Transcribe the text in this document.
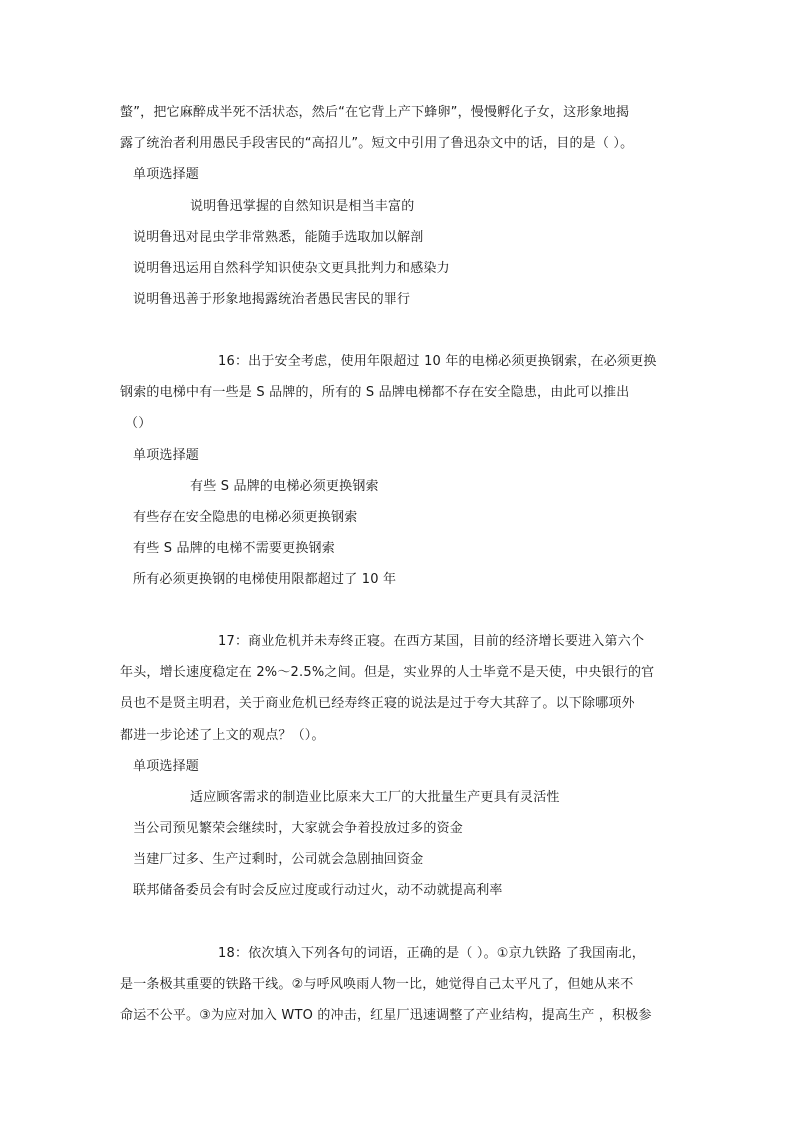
螫”，把它麻醉成半死不活状态，然后“在它背上产下蜂卵”，慢慢孵化子女，这形象地揭
露了统治者利用愚民手段害民的“高招儿”。短文中引用了鲁迅杂文中的话，目的是（ ）。
单项选择题
说明鲁迅掌握的自然知识是相当丰富的
说明鲁迅对昆虫学非常熟悉，能随手选取加以解剖
说明鲁迅运用自然科学知识使杂文更具批判力和感染力
说明鲁迅善于形象地揭露统治者愚民害民的罪行
16：出于安全考虑，使用年限超过 10 年的电梯必须更换钢索，在必须更换
钢索的电梯中有一些是 S 品牌的，所有的 S 品牌电梯都不存在安全隐患，由此可以推出
（）
单项选择题
有些 S 品牌的电梯必须更换钢索
有些存在安全隐患的电梯必须更换钢索
有些 S 品牌的电梯不需要更换钢索
所有必须更换钢的电梯使用限都超过了 10 年
17：商业危机并未寿终正寝。在西方某国，目前的经济增长要进入第六个
年头，增长速度稳定在 2%～2.5%之间。但是，实业界的人士毕竟不是天使，中央银行的官
员也不是贤主明君，关于商业危机已经寿终正寝的说法是过于夸大其辞了。以下除哪项外
都进一步论述了上文的观点？（）。
单项选择题
适应顾客需求的制造业比原来大工厂的大批量生产更具有灵活性
当公司预见繁荣会继续时，大家就会争着投放过多的资金
当建厂过多、生产过剩时，公司就会急剧抽回资金
联邦储备委员会有时会反应过度或行动过火，动不动就提高利率
18：依次填入下列各句的词语，正确的是（ ）。①京九铁路 了我国南北，
是一条极其重要的铁路干线。②与呼风唤雨人物一比，她觉得自己太平凡了，但她从来不
命运不公平。③为应对加入 WTO 的冲击，红星厂迅速调整了产业结构，提高生产 ，积极参
